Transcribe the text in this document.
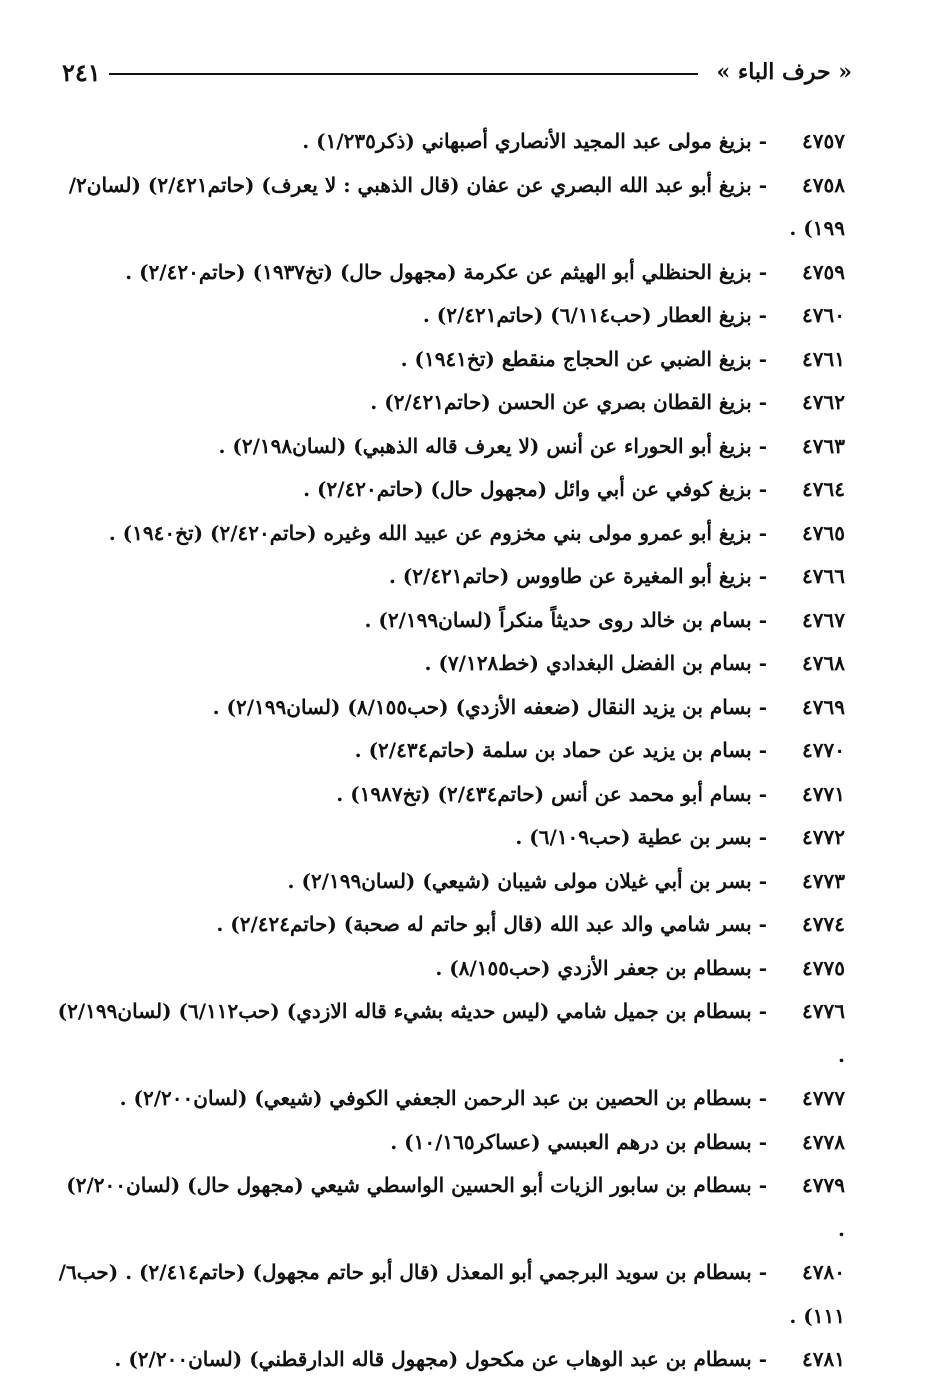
« حرف الباء »
٢٤١
٤٧٥٧- بزيغ مولى عبد المجيد الأنصاري أصبهاني (ذكر١/٢٣٥) .
٤٧٥٨- بزيغ أبو عبد الله البصري عن عفان (قال الذهبي : لا يعرف) (حاتم٢/٤٢١) (لسان٢/ ١٩٩) .
٤٧٥٩- بزيغ الحنظلي أبو الهيثم عن عكرمة (مجهول حال) (تخ١٩٣٧) (حاتم٢/٤٢٠) .
٤٧٦٠- بزيغ العطار (حب٦/١١٤) (حاتم٢/٤٢١) .
٤٧٦١- بزيغ الضبي عن الحجاج منقطع (تخ١٩٤١) .
٤٧٦٢- بزيغ القطان بصري عن الحسن (حاتم٢/٤٢١) .
٤٧٦٣- بزيغ أبو الحوراء عن أنس (لا يعرف قاله الذهبي) (لسان٢/١٩٨) .
٤٧٦٤- بزيغ كوفي عن أبي وائل (مجهول حال) (حاتم٢/٤٢٠) .
٤٧٦٥- بزيغ أبو عمرو مولى بني مخزوم عن عبيد الله وغيره (حاتم٢/٤٢٠) (تخ١٩٤٠) .
٤٧٦٦- بزيغ أبو المغيرة عن طاووس (حاتم٢/٤٢١) .
٤٧٦٧- بسام بن خالد روى حديثاً منكراً (لسان٢/١٩٩) .
٤٧٦٨- بسام بن الفضل البغدادي (خط٧/١٢٨) .
٤٧٦٩- بسام بن يزيد النقال (ضعفه الأزدي) (حب٨/١٥٥) (لسان٢/١٩٩) .
٤٧٧٠- بسام بن يزيد عن حماد بن سلمة (حاتم٢/٤٣٤) .
٤٧٧١- بسام أبو محمد عن أنس (حاتم٢/٤٣٤) (تخ١٩٨٧) .
٤٧٧٢- بسر بن عطية (حب٦/١٠٩) .
٤٧٧٣- بسر بن أبي غيلان مولى شيبان (شيعي) (لسان٢/١٩٩) .
٤٧٧٤- بسر شامي والد عبد الله (قال أبو حاتم له صحبة) (حاتم٢/٤٢٤) .
٤٧٧٥- بسطام بن جعفر الأزدي (حب٨/١٥٥) .
٤٧٧٦- بسطام بن جميل شامي (ليس حديثه بشيء قاله الازدي) (حب٦/١١٢) (لسان٢/١٩٩) .
٤٧٧٧- بسطام بن الحصين بن عبد الرحمن الجعفي الكوفي (شيعي) (لسان٢/٢٠٠) .
٤٧٧٨- بسطام بن درهم العبسي (عساكر١٠/١٦٥) .
٤٧٧٩- بسطام بن سابور الزيات أبو الحسين الواسطي شيعي (مجهول حال) (لسان٢/٢٠٠) .
٤٧٨٠- بسطام بن سويد البرجمي أبو المعذل (قال أبو حاتم مجهول) (حاتم٢/٤١٤) . (حب٦/ ١١١) .
٤٧٨١- بسطام بن عبد الوهاب عن مكحول (مجهول قاله الدارقطني) (لسان٢/٢٠٠) .
